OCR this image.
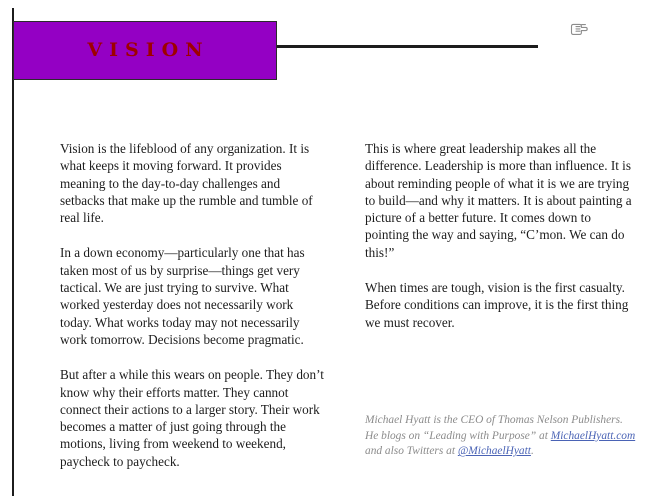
VISION

Vision is the lifeblood of any organization. It is what keeps it moving forward. It provides meaning to the day-to-day challenges and setbacks that make up the rumble and tumble of real life.

In a down economy—particularly one that has taken most of us by surprise—things get very tactical. We are just trying to survive. What worked yesterday does not necessarily work today. What works today may not necessarily work tomorrow. Decisions become pragmatic.

But after a while this wears on people. They don’t know why their efforts matter. They cannot connect their actions to a larger story. Their work becomes a matter of just going through the motions, living from weekend to weekend, paycheck to paycheck.

This is where great leadership makes all the difference. Leadership is more than influence. It is about reminding people of what it is we are trying to build—and why it matters. It is about painting a picture of a better future. It comes down to pointing the way and saying, “C’mon. We can do this!”

When times are tough, vision is the first casualty. Before conditions can improve, it is the first thing we must recover.

Michael Hyatt is the CEO of Thomas Nelson Publishers. He blogs on “Leading with Purpose” at MichaelHyatt.com and also Twitters at @MichaelHyatt.
